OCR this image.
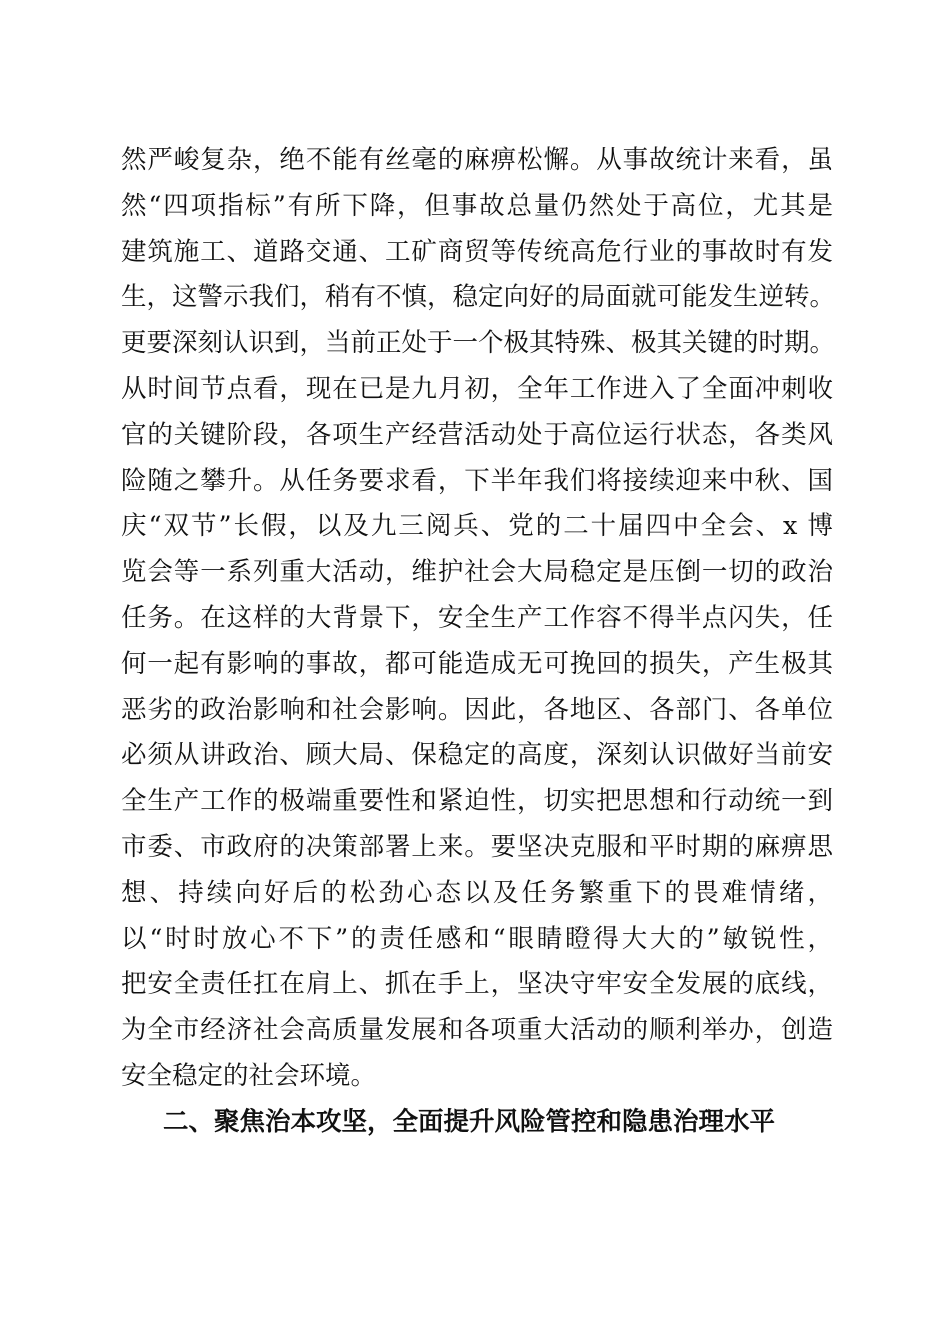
然严峻复杂，绝不能有丝毫的麻痹松懈。从事故统计来看，虽
然“四项指标”有所下降，但事故总量仍然处于高位，尤其是
建筑施工、道路交通、工矿商贸等传统高危行业的事故时有发
生，这警示我们，稍有不慎，稳定向好的局面就可能发生逆转。
更要深刻认识到，当前正处于一个极其特殊、极其关键的时期。
从时间节点看，现在已是九月初，全年工作进入了全面冲刺收
官的关键阶段，各项生产经营活动处于高位运行状态，各类风
险随之攀升。从任务要求看，下半年我们将接续迎来中秋、国
庆“双节”长假，以及九三阅兵、党的二十届四中全会、x 博
览会等一系列重大活动，维护社会大局稳定是压倒一切的政治
任务。在这样的大背景下，安全生产工作容不得半点闪失，任
何一起有影响的事故，都可能造成无可挽回的损失，产生极其
恶劣的政治影响和社会影响。因此，各地区、各部门、各单位
必须从讲政治、顾大局、保稳定的高度，深刻认识做好当前安
全生产工作的极端重要性和紧迫性，切实把思想和行动统一到
市委、市政府的决策部署上来。要坚决克服和平时期的麻痹思
想、持续向好后的松劲心态以及任务繁重下的畏难情绪，
以“时时放心不下”的责任感和“眼睛瞪得大大的”敏锐性，
把安全责任扛在肩上、抓在手上，坚决守牢安全发展的底线，
为全市经济社会高质量发展和各项重大活动的顺利举办，创造
安全稳定的社会环境。
二、聚焦治本攻坚，全面提升风险管控和隐患治理水平
